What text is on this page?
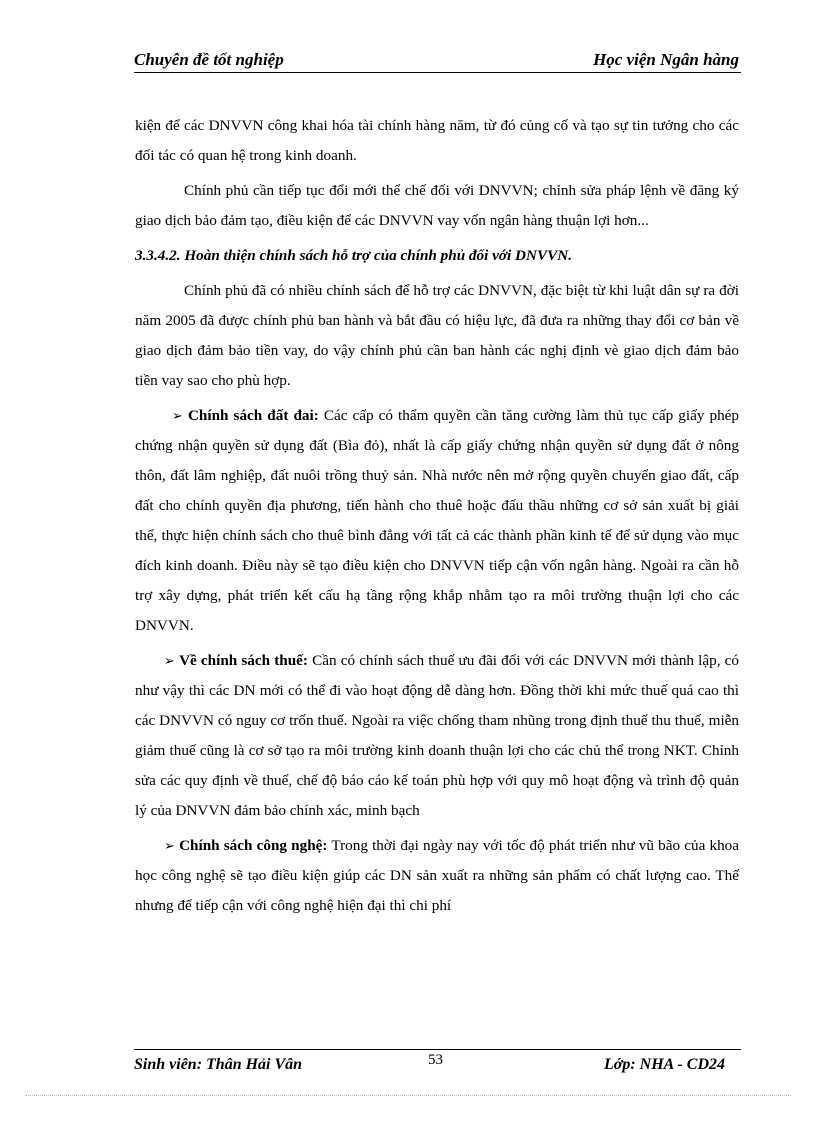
Chuyên đề tốt nghiệp	Học viện Ngân hàng

kiện để các DNVVN công khai hóa tài chính hàng năm, từ đó củng cố và tạo sự tin tưởng cho các đối tác có quan hệ trong kinh doanh.

Chính phủ cần tiếp tục đổi mới thể chế đối với DNVVN; chỉnh sửa pháp lệnh về đăng ký giao dịch bảo đảm tạo, điều kiện để các DNVVN vay vốn ngân hàng thuận lợi hơn...

3.3.4.2. Hoàn thiện chính sách hỗ trợ của chính phủ đối với DNVVN.

Chính phủ đã có nhiều chính sách để hỗ trợ các DNVVN, đặc biệt từ khi luật dân sự ra đời năm 2005 đã được chính phủ ban hành và bắt đầu có hiệu lực, đã đưa ra những thay đổi cơ bản về giao dịch đảm bảo tiền vay, do vậy chính phủ cần ban hành các nghị định vè giao dịch đảm bảo tiền vay sao cho phù hợp.

➢ Chính sách đất đai: Các cấp có thẩm quyền cần tăng cường làm thủ tục cấp giấy phép chứng nhận quyền sử dụng đất (Bìa đỏ), nhất là cấp giấy chứng nhận quyền sử dụng đất ở nông thôn, đất lâm nghiệp, đất nuôi trồng thuỷ sản. Nhà nước nên mở rộng quyền chuyển giao đất, cấp đất cho chính quyền địa phương, tiến hành cho thuê hoặc đấu thầu những cơ sở sản xuất bị giải thể, thực hiện chính sách cho thuê bình đẳng với tất cả các thành phần kinh tế để sử dụng vào mục đích kinh doanh. Điều này sẽ tạo điều kiện cho DNVVN tiếp cận vốn ngân hàng. Ngoài ra cần hỗ trợ xây dựng, phát triển kết cấu hạ tầng rộng khắp nhằm tạo ra môi trường thuận lợi cho các DNVVN.

➢ Về chính sách thuế: Cần có chính sách thuế ưu đãi đối với các DNVVN mới thành lập, có như vậy thì các DN mới có thể đi vào hoạt động dễ dàng hơn. Đồng thời khi mức thuế quá cao thì các DNVVN có nguy cơ trốn thuế. Ngoài ra việc chống tham nhũng trong định thuế thu thuế, miễn giảm thuế cũng là cơ sở tạo ra môi trường kinh doanh thuận lợi cho các chủ thể trong NKT. Chỉnh sửa các quy định về thuế, chế độ báo cáo kế toán phù hợp với quy mô hoạt động và trình độ quản lý của DNVVN đảm bảo chính xác, minh bạch

➢ Chính sách công nghệ: Trong thời đại ngày nay với tốc độ phát triển như vũ bão của khoa học công nghệ sẽ tạo điều kiện giúp các DN sản xuất ra những sản phẩm có chất lượng cao. Thế nhưng để tiếp cận với công nghệ hiện đại thì chi phí

Sinh viên: Thân Hải Vân	53	Lớp: NHA - CD24
